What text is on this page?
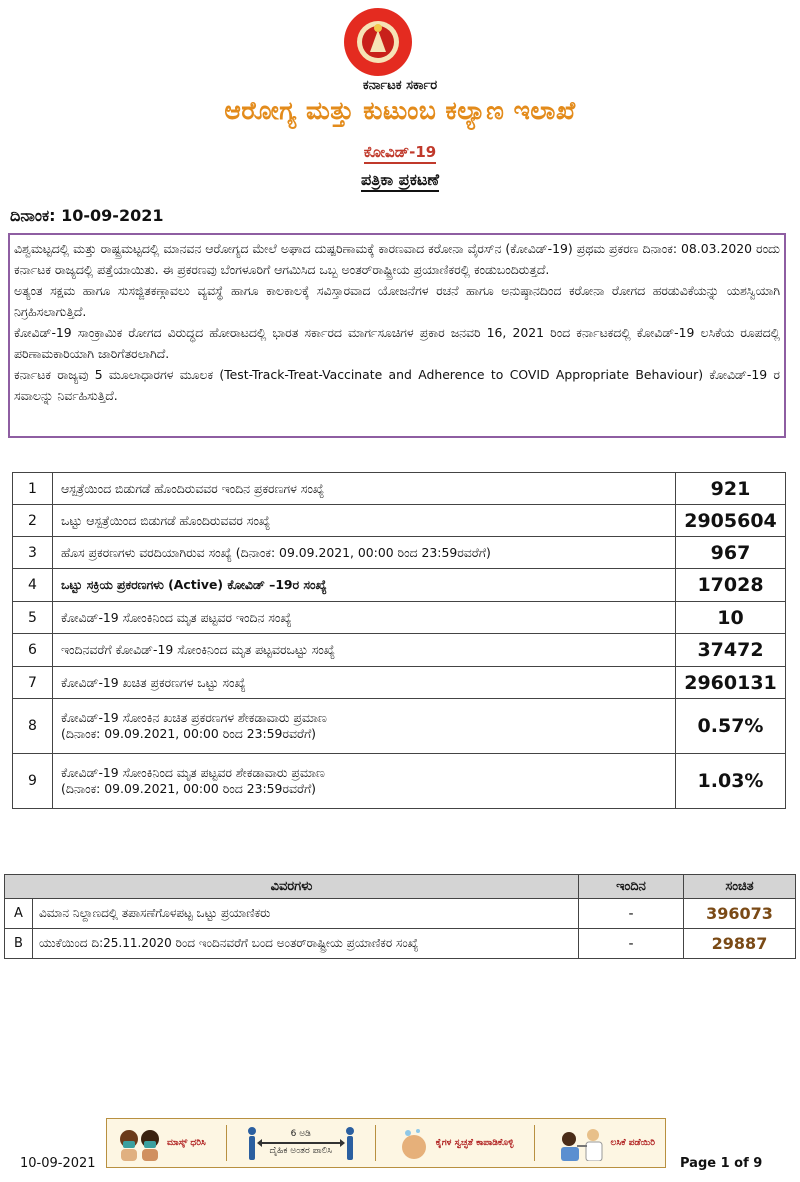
ಕರ್ನಾಟಕ ಸರ್ಕಾರ
ಆರೋಗ್ಯ ಮತ್ತು ಕುಟುಂಬ ಕಲ್ಯಾಣ ಇಲಾಖೆ
ಕೋವಿಡ್-19
ಪತ್ರಿಕಾ ಪ್ರಕಟಣೆ
ದಿನಾಂಕ: 10-09-2021

ವಿಶ್ವಮಟ್ಟದಲ್ಲಿ ಮತ್ತು ರಾಷ್ಟ್ರಮಟ್ಟದಲ್ಲಿ ಮಾನವನ ಆರೋಗ್ಯದ ಮೇಲೆ ಅಘಾದ ದುಷ್ಪರಿಣಾಮಕ್ಕೆ ಕಾರಣವಾದ ಕರೋನಾ ವೈರಸ್‌ನ (ಕೋವಿಡ್-19) ಪ್ರಥಮ ಪ್ರಕರಣ ದಿನಾಂಕ: 08.03.2020 ರಂದು ಕರ್ನಾಟಕ ರಾಜ್ಯದಲ್ಲಿ ಪತ್ತೆಯಾಯಿತು. ಈ ಪ್ರಕರಣವು ಬೆಂಗಳೂರಿಗೆ ಆಗಮಿಸಿದ ಒಬ್ಬ ಅಂತರ್‌ರಾಷ್ಟ್ರೀಯ ಪ್ರಯಾಣಿಕರಲ್ಲಿ ಕಂಡುಬಂದಿರುತ್ತದೆ.

ಅತ್ಯಂತ ಸಕ್ಷಮ ಹಾಗೂ ಸುಸಜ್ಜಿತಕಣ್ಗಾವಲು ವ್ಯವಸ್ಥೆ ಹಾಗೂ ಕಾಲಕಾಲಕ್ಕೆ ಸವಿಸ್ತಾರವಾದ ಯೋಜನೆಗಳ ರಚನೆ ಹಾಗೂ ಅನುಷ್ಠಾನದಿಂದ ಕರೋನಾ ರೋಗದ ಹರಡುವಿಕೆಯನ್ನು ಯಶಸ್ವಿಯಾಗಿ ನಿಗ್ರಹಿಸಲಾಗುತ್ತಿದೆ.

ಕೋವಿಡ್-19 ಸಾಂಕ್ರಾಮಿಕ ರೋಗದ ವಿರುದ್ಧದ ಹೋರಾಟದಲ್ಲಿ ಭಾರತ ಸರ್ಕಾರದ ಮಾರ್ಗಸೂಚಿಗಳ ಪ್ರಕಾರ ಜನವರಿ 16, 2021 ರಿಂದ ಕರ್ನಾಟಕದಲ್ಲಿ ಕೋವಿಡ್-19 ಲಸಿಕೆಯ ರೂಪದಲ್ಲಿ ಪರಿಣಾಮಕಾರಿಯಾಗಿ ಜಾರಿಗೆತರಲಾಗಿದೆ.

ಕರ್ನಾಟಕ ರಾಜ್ಯವು 5 ಮೂಲಾಧಾರಗಳ ಮೂಲಕ (Test-Track-Treat-Vaccinate and Adherence to COVID Appropriate Behaviour) ಕೋವಿಡ್-19 ರ ಸವಾಲನ್ನು ನಿರ್ವಹಿಸುತ್ತಿದೆ.

1	ಆಸ್ಪತ್ರೆಯಿಂದ ಬಿಡುಗಡೆ ಹೊಂದಿರುವವರ ಇಂದಿನ ಪ್ರಕರಣಗಳ ಸಂಖ್ಯೆ	921
2	ಒಟ್ಟು ಆಸ್ಪತ್ರೆಯಿಂದ ಬಿಡುಗಡೆ ಹೊಂದಿರುವವರ ಸಂಖ್ಯೆ	2905604
3	ಹೊಸ ಪ್ರಕರಣಗಳು ವರದಿಯಾಗಿರುವ ಸಂಖ್ಯೆ (ದಿನಾಂಕ: 09.09.2021, 00:00 ರಿಂದ 23:59ರವರೆಗೆ)	967
4	ಒಟ್ಟು ಸಕ್ರಿಯ ಪ್ರಕರಣಗಳು (Active) ಕೋವಿಡ್ –19ರ ಸಂಖ್ಯೆ	17028
5	ಕೋವಿಡ್-19 ಸೋಂಕಿನಿಂದ ಮೃತ ಪಟ್ಟವರ ಇಂದಿನ ಸಂಖ್ಯೆ	10
6	ಇಂದಿನವರೆಗೆ ಕೋವಿಡ್-19 ಸೋಂಕಿನಿಂದ ಮೃತ ಪಟ್ಟವರಒಟ್ಟು ಸಂಖ್ಯೆ	37472
7	ಕೋವಿಡ್-19 ಖಚಿತ ಪ್ರಕರಣಗಳ ಒಟ್ಟು ಸಂಖ್ಯೆ	2960131
8	ಕೋವಿಡ್-19 ಸೋಂಕಿನ ಖಚಿತ ಪ್ರಕರಣಗಳ ಶೇಕಡಾವಾರು ಪ್ರಮಾಣ
(ದಿನಾಂಕ: 09.09.2021, 00:00 ರಿಂದ 23:59ರವರೆಗೆ)	0.57%
9	ಕೋವಿಡ್-19 ಸೋಂಕಿನಿಂದ ಮೃತ ಪಟ್ಟವರ ಶೇಕಡಾವಾರು ಪ್ರಮಾಣ
(ದಿನಾಂಕ: 09.09.2021, 00:00 ರಿಂದ 23:59ರವರೆಗೆ)	1.03%
ವಿವರಗಳು		ಇಂದಿನ	ಸಂಚಿತ
A	ವಿಮಾನ ನಿಲ್ದಾಣದಲ್ಲಿ ತಪಾಸಣೆಗೊಳಪಟ್ಟ ಒಟ್ಟು ಪ್ರಯಾಣಿಕರು	-	396073
B	ಯುಕೆಯಿಂದ ದಿ:25.11.2020 ರಿಂದ ಇಂದಿನವರೆಗೆ ಬಂದ ಅಂತರ್‌ರಾಷ್ಟ್ರೀಯ ಪ್ರಯಾಣಿಕರ ಸಂಖ್ಯೆ	-	29887
ಮಾಸ್ಕ್ ಧರಿಸಿ
6 ಅಡಿ
ದೈಹಿಕ ಅಂತರ ಪಾಲಿಸಿ
ಕೈಗಳ ಸ್ವಚ್ಛತೆ ಕಾಪಾಡಿಕೊಳ್ಳಿ	ಲಸಿಕೆ ಪಡೆಯಿರಿ
10-09-2021	Page 1 of 9
